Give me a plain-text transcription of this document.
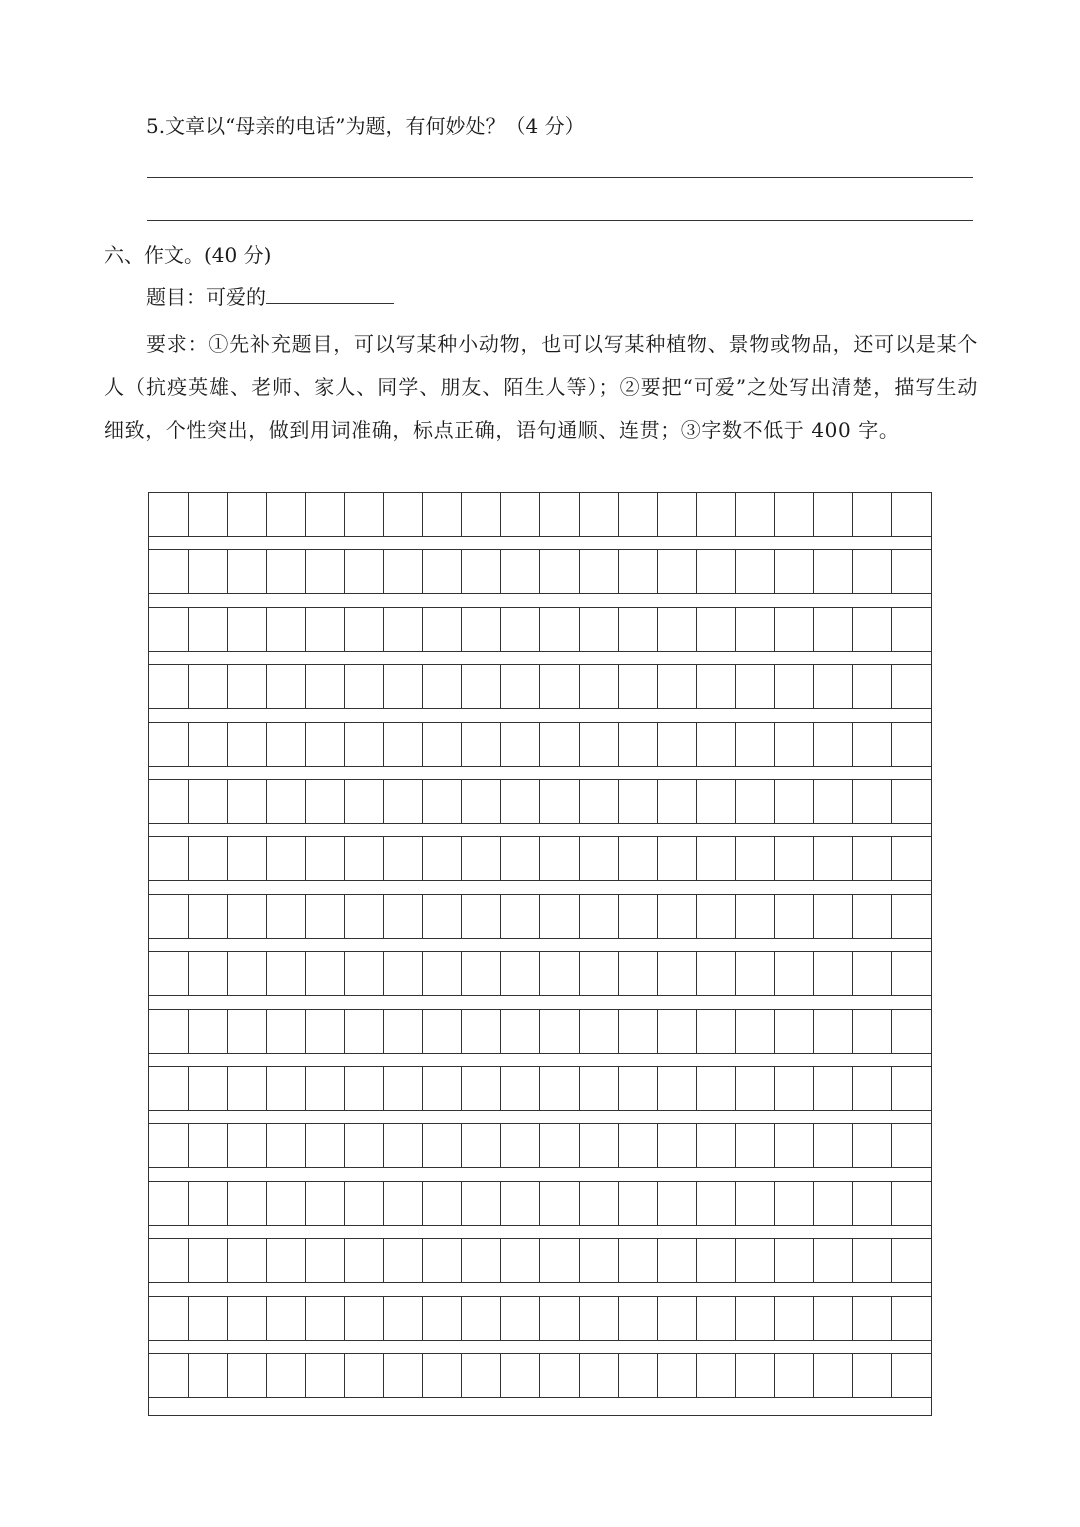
5.文章以“母亲的电话”为题，有何妙处？（4 分）
六、作文。(40 分)
题目：可爱的
要求：①先补充题目，可以写某种小动物，也可以写某种植物、景物或物品，还可以是某个人（抗疫英雄、老师、家人、同学、朋友、陌生人等）；②要把“可爱”之处写出清楚，描写生动细致，个性突出，做到用词准确，标点正确，语句通顺、连贯；③字数不低于 400 字。
